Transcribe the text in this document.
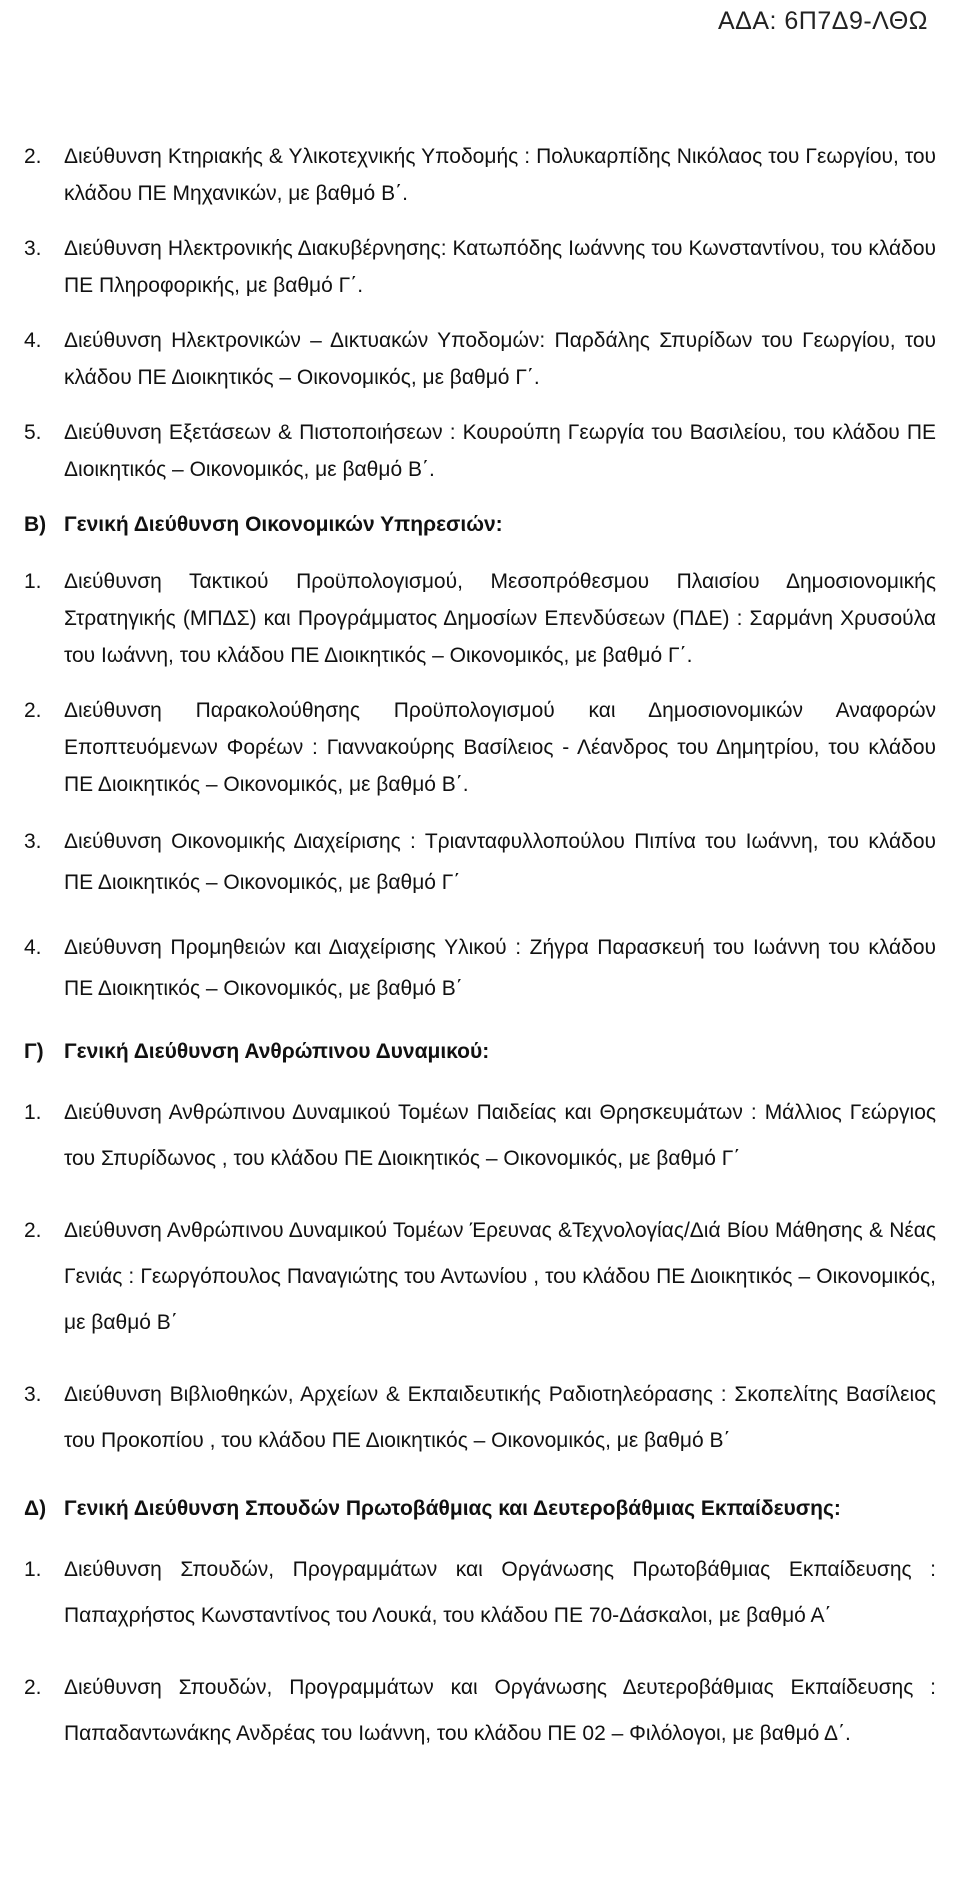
ΑΔΑ: 6Π7Δ9-ΛΘΩ
2.	Διεύθυνση Κτηριακής & Υλικοτεχνικής Υποδομής : Πολυκαρπίδης Νικόλαος του Γεωργίου, του κλάδου ΠΕ Μηχανικών, με βαθμό Β΄.
3.	Διεύθυνση Ηλεκτρονικής Διακυβέρνησης: Κατωπόδης Ιωάννης του Κωνσταντίνου, του κλάδου ΠΕ Πληροφορικής, με βαθμό Γ΄.
4.	Διεύθυνση Ηλεκτρονικών – Δικτυακών Υποδομών: Παρδάλης Σπυρίδων του Γεωργίου, του κλάδου ΠΕ Διοικητικός – Οικονομικός, με βαθμό Γ΄.
5.	Διεύθυνση Εξετάσεων & Πιστοποιήσεων : Κουρούπη Γεωργία του Βασιλείου, του κλάδου ΠΕ Διοικητικός – Οικονομικός, με βαθμό Β΄.
Β) Γενική Διεύθυνση Οικονομικών Υπηρεσιών:
1.	Διεύθυνση Τακτικού Προϋπολογισμού, Μεσοπρόθεσμου Πλαισίου Δημοσιονομικής Στρατηγικής (ΜΠΔΣ) και Προγράμματος Δημοσίων Επενδύσεων (ΠΔΕ) : Σαρμάνη Χρυσούλα του Ιωάννη, του κλάδου ΠΕ Διοικητικός – Οικονομικός, με βαθμό Γ΄.
2.	Διεύθυνση Παρακολούθησης Προϋπολογισμού και Δημοσιονομικών Αναφορών Εποπτευόμενων Φορέων : Γιαννακούρης Βασίλειος - Λέανδρος του Δημητρίου, του κλάδου ΠΕ Διοικητικός – Οικονομικός, με βαθμό Β΄.
3.	Διεύθυνση Οικονομικής Διαχείρισης : Τριανταφυλλοπούλου Πιπίνα του Ιωάννη, του κλάδου ΠΕ Διοικητικός – Οικονομικός, με βαθμό Γ΄
4.	Διεύθυνση Προμηθειών και Διαχείρισης Υλικού : Ζήγρα Παρασκευή του Ιωάννη του κλάδου ΠΕ Διοικητικός – Οικονομικός, με βαθμό Β΄
Γ) Γενική Διεύθυνση Ανθρώπινου Δυναμικού:
1.	Διεύθυνση Ανθρώπινου Δυναμικού Τομέων Παιδείας και Θρησκευμάτων : Μάλλιος Γεώργιος του Σπυρίδωνος , του κλάδου ΠΕ Διοικητικός – Οικονομικός, με βαθμό Γ΄
2.	Διεύθυνση Ανθρώπινου Δυναμικού Τομέων Έρευνας &Τεχνολογίας/Διά Βίου Μάθησης & Νέας Γενιάς : Γεωργόπουλος Παναγιώτης του Αντωνίου , του κλάδου ΠΕ Διοικητικός – Οικονομικός, με βαθμό Β΄
3.	Διεύθυνση Βιβλιοθηκών, Αρχείων & Εκπαιδευτικής Ραδιοτηλεόρασης : Σκοπελίτης Βασίλειος του Προκοπίου , του κλάδου ΠΕ Διοικητικός – Οικονομικός, με βαθμό Β΄
Δ) Γενική Διεύθυνση Σπουδών Πρωτοβάθμιας και Δευτεροβάθμιας Εκπαίδευσης:
1.	Διεύθυνση Σπουδών, Προγραμμάτων και Οργάνωσης Πρωτοβάθμιας Εκπαίδευσης : Παπαχρήστος Κωνσταντίνος του Λουκά, του κλάδου ΠΕ 70-Δάσκαλοι, με βαθμό Α΄
2.	Διεύθυνση Σπουδών, Προγραμμάτων και Οργάνωσης Δευτεροβάθμιας Εκπαίδευσης : Παπαδαντωνάκης Ανδρέας του Ιωάννη, του κλάδου ΠΕ 02 – Φιλόλογοι, με βαθμό Δ΄.
